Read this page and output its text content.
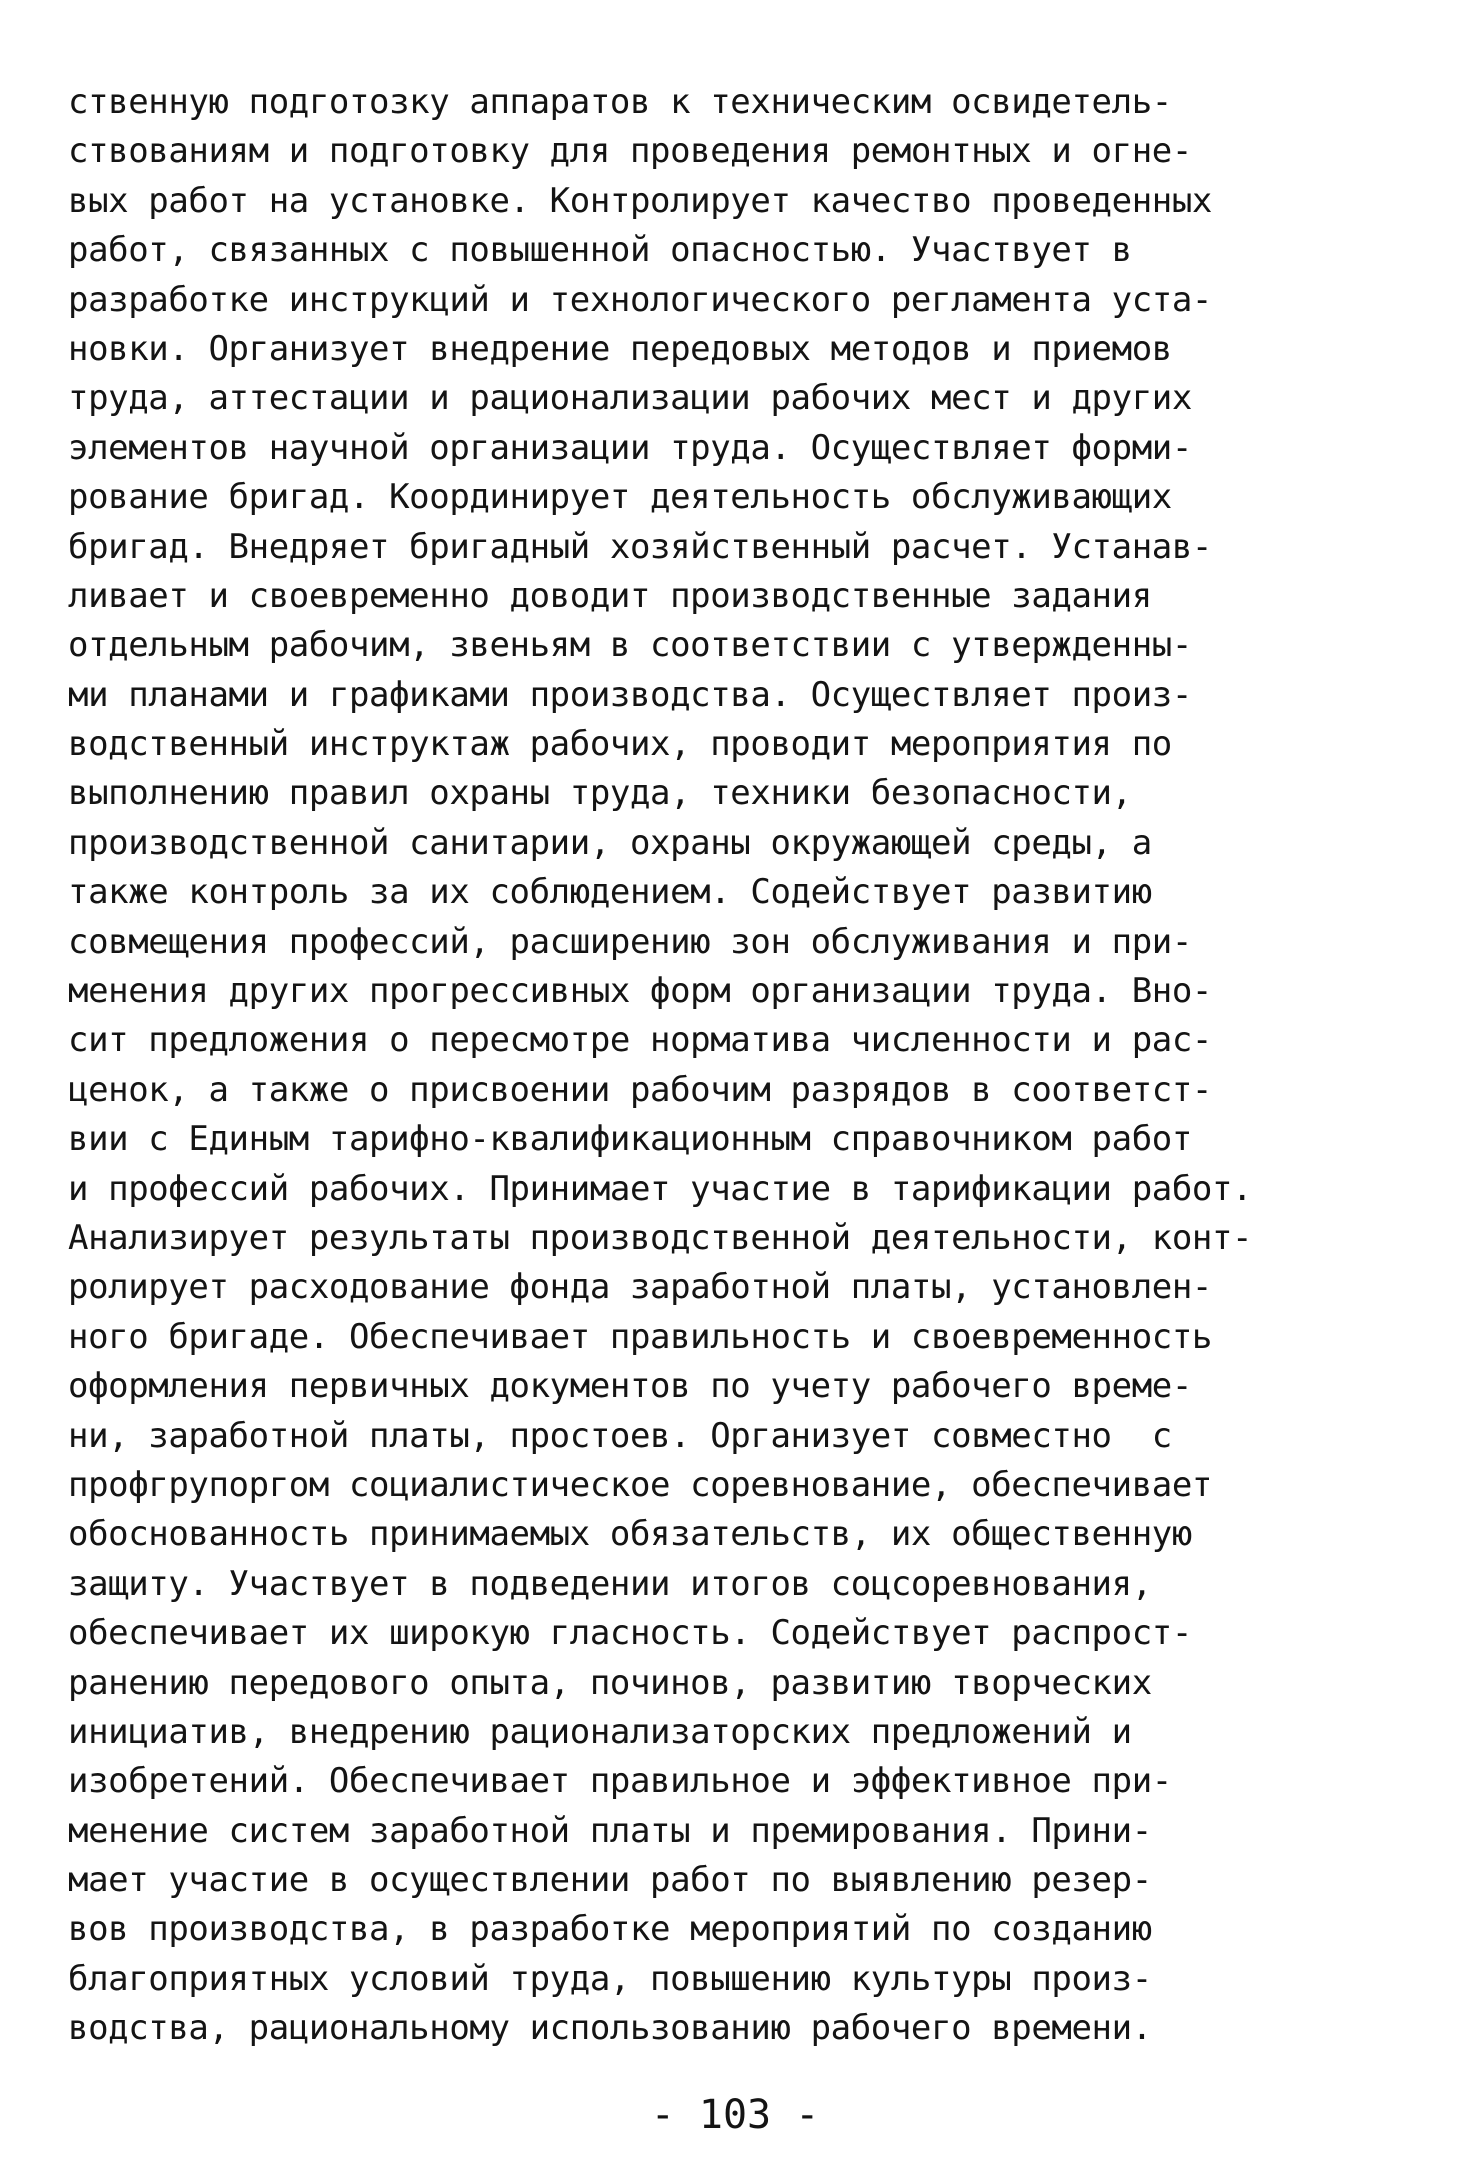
ственную подготозку аппаратов к техническим освидетель-
ствованиям и подготовку для проведения ремонтных и огне-
вых работ на установке. Контролирует качество проведенных
работ, связанных с повышенной опасностью. Участвует в
разработке инструкций и технологического регламента уста-
новки. Организует внедрение передовых методов и приемов
труда, аттестации и рационализации рабочих мест и других
элементов научной организации труда. Осуществляет форми-
рование бригад. Координирует деятельность обслуживающих
бригад. Внедряет бригадный хозяйственный расчет. Устанав-
ливает и своевременно доводит производственные задания
отдельным рабочим, звеньям в соответствии с утвержденны-
ми планами и графиками производства. Осуществляет произ-
водственный инструктаж рабочих, проводит мероприятия по
выполнению правил охраны труда, техники безопасности,
производственной санитарии, охраны окружающей среды, а
также контроль за их соблюдением. Содействует развитию
совмещения профессий, расширению зон обслуживания и при-
менения других прогрессивных форм организации труда. Вно-
сит предложения о пересмотре норматива численности и рас-
ценок, а также о присвоении рабочим разрядов в соответст-
вии с Единым тарифно-квалификационным справочником работ
и профессий рабочих. Принимает участие в тарификации работ.
Анализирует результаты производственной деятельности, конт-
ролирует расходование фонда заработной платы, установлен-
ного бригаде. Обеспечивает правильность и своевременность
оформления первичных документов по учету рабочего време-
ни, заработной платы, простоев. Организует совместно  с
профгрупоргом социалистическое соревнование, обеспечивает
обоснованность принимаемых обязательств, их общественную
защиту. Участвует в подведении итогов соцсоревнования,
обеспечивает их широкую гласность. Содействует распрост-
ранению передового опыта, починов, развитию творческих
инициатив, внедрению рационализаторских предложений и
изобретений. Обеспечивает правильное и эффективное при-
менение систем заработной платы и премирования. Прини-
мает участие в осуществлении работ по выявлению резер-
вов производства, в разработке мероприятий по созданию
благоприятных условий труда, повышению культуры произ-
водства, рациональному использованию рабочего времени.
- 103 -
